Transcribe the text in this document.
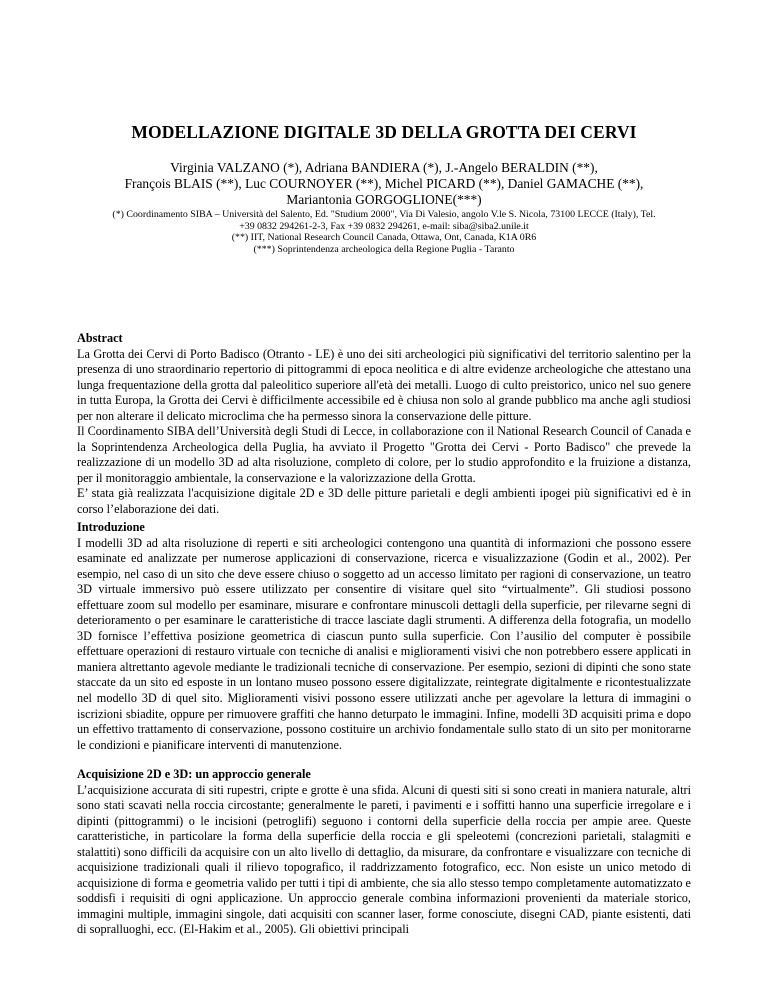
MODELLAZIONE DIGITALE 3D DELLA GROTTA DEI CERVI
Virginia VALZANO (*), Adriana BANDIERA (*), J.-Angelo BERALDIN (**),
François BLAIS (**), Luc COURNOYER (**), Michel PICARD (**), Daniel GAMACHE (**),
Mariantonia GORGOGLIONE(***)
(*) Coordinamento SIBA – Università del Salento, Ed. "Studium 2000", Via Di Valesio, angolo V.le S. Nicola, 73100 LECCE (Italy), Tel.
+39 0832 294261-2-3, Fax +39 0832 294261, e-mail: siba@siba2.unile.it
(**) IIT, National Research Council Canada, Ottawa, Ont, Canada, K1A 0R6
(***) Soprintendenza archeologica della Regione Puglia - Taranto
Abstract

La Grotta dei Cervi di Porto Badisco (Otranto - LE) è uno dei siti archeologici più significativi del territorio salentino per la presenza di uno straordinario repertorio di pittogrammi di epoca neolitica e di altre evidenze archeologiche che attestano una lunga frequentazione della grotta dal paleolitico superiore all'età dei metalli. Luogo di culto preistorico, unico nel suo genere in tutta Europa, la Grotta dei Cervi è difficilmente accessibile ed è chiusa non solo al grande pubblico ma anche agli studiosi per non alterare il delicato microclima che ha permesso sinora la conservazione delle pitture.

Il Coordinamento SIBA dell’Università degli Studi di Lecce, in collaborazione con il National Research Council of Canada e la Soprintendenza Archeologica della Puglia, ha avviato il Progetto "Grotta dei Cervi - Porto Badisco" che prevede la realizzazione di un modello 3D ad alta risoluzione, completo di colore, per lo studio approfondito e la fruizione a distanza, per il monitoraggio ambientale, la conservazione e la valorizzazione della Grotta.

E’ stata già realizzata l'acquisizione digitale 2D e 3D delle pitture parietali e degli ambienti ipogei più significativi ed è in corso l’elaborazione dei dati.

Introduzione

I modelli 3D ad alta risoluzione di reperti e siti archeologici contengono una quantità di informazioni che possono essere esaminate ed analizzate per numerose applicazioni di conservazione, ricerca e visualizzazione (Godin et al., 2002). Per esempio, nel caso di un sito che deve essere chiuso o soggetto ad un accesso limitato per ragioni di conservazione, un teatro 3D virtuale immersivo può essere utilizzato per consentire di visitare quel sito “virtualmente”. Gli studiosi possono effettuare zoom sul modello per esaminare, misurare e confrontare minuscoli dettagli della superficie, per rilevarne segni di deterioramento o per esaminare le caratteristiche di tracce lasciate dagli strumenti. A differenza della fotografia, un modello 3D fornisce l’effettiva posizione geometrica di ciascun punto sulla superficie. Con l’ausilio del computer è possibile effettuare operazioni di restauro virtuale con tecniche di analisi e miglioramenti visivi che non potrebbero essere applicati in maniera altrettanto agevole mediante le tradizionali tecniche di conservazione. Per esempio, sezioni di dipinti che sono state staccate da un sito ed esposte in un lontano museo possono essere digitalizzate, reintegrate digitalmente e ricontestualizzate nel modello 3D di quel sito. Miglioramenti visivi possono essere utilizzati anche per agevolare la lettura di immagini o iscrizioni sbiadite, oppure per rimuovere graffiti che hanno deturpato le immagini. Infine, modelli 3D acquisiti prima e dopo un effettivo trattamento di conservazione, possono costituire un archivio fondamentale sullo stato di un sito per monitorarne le condizioni e pianificare interventi di manutenzione.

Acquisizione 2D e 3D: un approccio generale

L’acquisizione accurata di siti rupestri, cripte e grotte è una sfida. Alcuni di questi siti si sono creati in maniera naturale, altri sono stati scavati nella roccia circostante; generalmente le pareti, i pavimenti e i soffitti hanno una superficie irregolare e i dipinti (pittogrammi) o le incisioni (petroglifi) seguono i contorni della superficie della roccia per ampie aree. Queste caratteristiche, in particolare la forma della superficie della roccia e gli speleotemi (concrezioni parietali, stalagmiti e stalattiti) sono difficili da acquisire con un alto livello di dettaglio, da misurare, da confrontare e visualizzare con tecniche di acquisizione tradizionali quali il rilievo topografico, il raddrizzamento fotografico, ecc. Non esiste un unico metodo di acquisizione di forma e geometria valido per tutti i tipi di ambiente, che sia allo stesso tempo completamente automatizzato e soddisfi i requisiti di ogni applicazione. Un approccio generale combina informazioni provenienti da materiale storico, immagini multiple, immagini singole, dati acquisiti con scanner laser, forme conosciute, disegni CAD, piante esistenti, dati di sopralluoghi, ecc. (El-Hakim et al., 2005). Gli obiettivi principali
